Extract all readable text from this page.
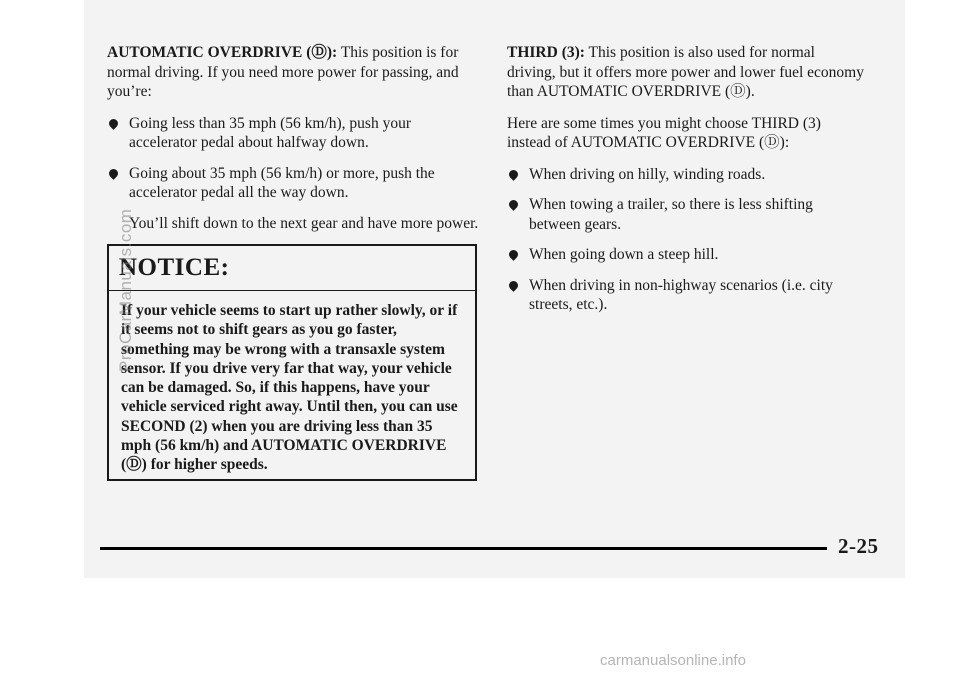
AUTOMATIC OVERDRIVE (Ⓓ): This position is for normal driving. If you need more power for passing, and you’re:

Going less than 35 mph (56 km/h), push your accelerator pedal about halfway down.
Going about 35 mph (56 km/h) or more, push the accelerator pedal all the way down.

You’ll shift down to the next gear and have more power.

NOTICE:
If your vehicle seems to start up rather slowly, or if it seems not to shift gears as you go faster, something may be wrong with a transaxle system sensor. If you drive very far that way, your vehicle can be damaged. So, if this happens, have your vehicle serviced right away. Until then, you can use SECOND (2) when you are driving less than 35 mph (56 km/h) and AUTOMATIC OVERDRIVE (Ⓓ) for higher speeds.

THIRD (3): This position is also used for normal driving, but it offers more power and lower fuel economy than AUTOMATIC OVERDRIVE (Ⓓ).

Here are some times you might choose THIRD (3) instead of AUTOMATIC OVERDRIVE (Ⓓ):

When driving on hilly, winding roads.
When towing a trailer, so there is less shifting between gears.
When going down a steep hill.
When driving in non-highway scenarios (i.e. city streets, etc.).
2-25
ProCarManuals.com
carmanualsonline.info
